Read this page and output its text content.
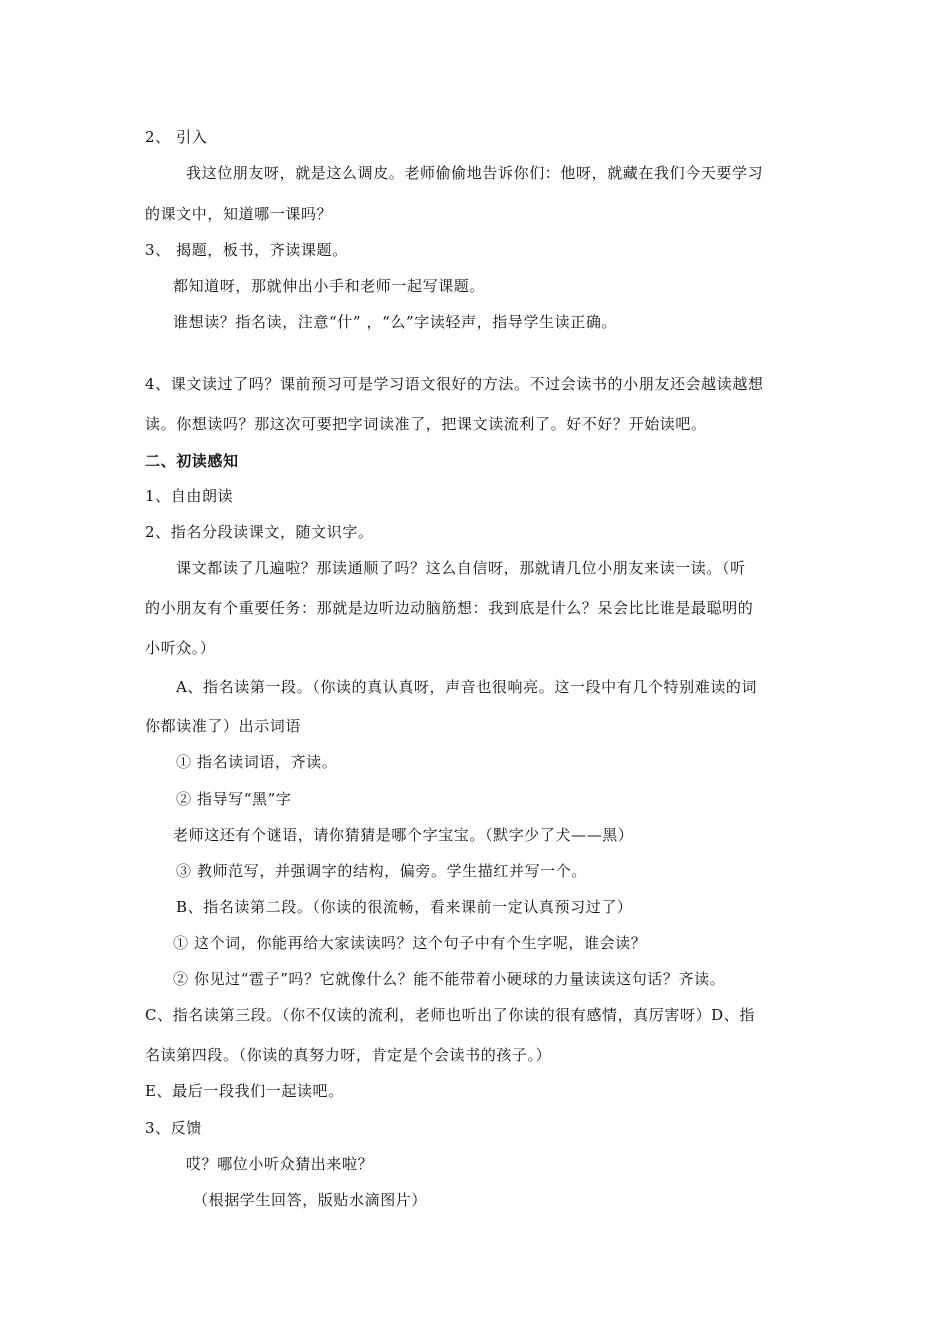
2、 引入
我这位朋友呀，就是这么调皮。老师偷偷地告诉你们：他呀，就藏在我们今天要学习
的课文中，知道哪一课吗？
3、 揭题，板书，齐读课题。
都知道呀，那就伸出小手和老师一起写课题。
谁想读？指名读，注意“什” ，“么”字读轻声，指导学生读正确。
4、课文读过了吗？课前预习可是学习语文很好的方法。不过会读书的小朋友还会越读越想
读。你想读吗？那这次可要把字词读准了，把课文读流利了。好不好？开始读吧。
二、初读感知
1、自由朗读
2、指名分段读课文，随文识字。
课文都读了几遍啦？那读通顺了吗？这么自信呀，那就请几位小朋友来读一读。（听
的小朋友有个重要任务：那就是边听边动脑筋想：我到底是什么？呆会比比谁是最聪明的
小听众。）
A、指名读第一段。（你读的真认真呀，声音也很响亮。这一段中有几个特别难读的词
你都读准了）出示词语
① 指名读词语，齐读。
② 指导写“黑”字
老师这还有个谜语，请你猜猜是哪个字宝宝。（默字少了犬——黑）
③ 教师范写，并强调字的结构，偏旁。学生描红并写一个。
B、指名读第二段。（你读的很流畅，看来课前一定认真预习过了）
① 这个词，你能再给大家读读吗？这个句子中有个生字呢，谁会读？
② 你见过“雹子”吗？它就像什么？能不能带着小硬球的力量读读这句话？齐读。
C、指名读第三段。（你不仅读的流利，老师也听出了你读的很有感情，真厉害呀）D、指
名读第四段。（你读的真努力呀，肯定是个会读书的孩子。）
E、最后一段我们一起读吧。
3、反馈
哎？哪位小听众猜出来啦？
（根据学生回答，版贴水滴图片）
